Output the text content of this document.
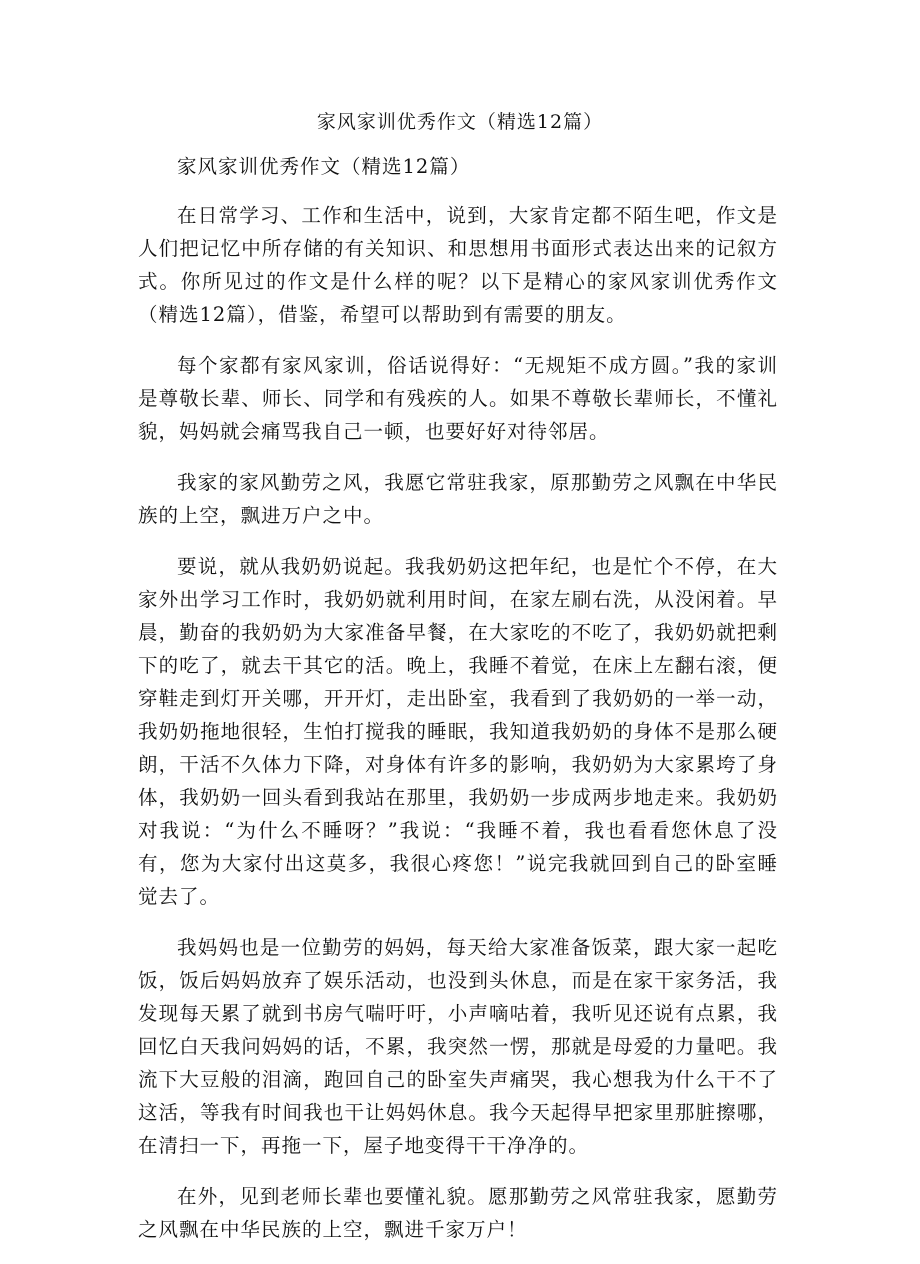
家风家训优秀作文（精选12篇）

家风家训优秀作文（精选12篇）

在日常学习、工作和生活中，说到，大家肯定都不陌生吧，作文是人们把记忆中所存储的有关知识、和思想用书面形式表达出来的记叙方式。你所见过的作文是什么样的呢？以下是精心的家风家训优秀作文（精选12篇），借鉴，希望可以帮助到有需要的朋友。

每个家都有家风家训，俗话说得好：“无规矩不成方圆。”我的家训是尊敬长辈、师长、同学和有残疾的人。如果不尊敬长辈师长，不懂礼貌，妈妈就会痛骂我自己一顿，也要好好对待邻居。

我家的家风勤劳之风，我愿它常驻我家，原那勤劳之风飘在中华民族的上空，飘进万户之中。

要说，就从我奶奶说起。我我奶奶这把年纪，也是忙个不停，在大家外出学习工作时，我奶奶就利用时间，在家左刷右洗，从没闲着。早晨，勤奋的我奶奶为大家准备早餐，在大家吃的不吃了，我奶奶就把剩下的吃了，就去干其它的活。晚上，我睡不着觉，在床上左翻右滚，便穿鞋走到灯开关哪，开开灯，走出卧室，我看到了我奶奶的一举一动，我奶奶拖地很轻，生怕打搅我的睡眠，我知道我奶奶的身体不是那么硬朗，干活不久体力下降，对身体有许多的影响，我奶奶为大家累垮了身体，我奶奶一回头看到我站在那里，我奶奶一步成两步地走来。我奶奶对我说：“为什么不睡呀？”我说：“我睡不着，我也看看您休息了没有，您为大家付出这莫多，我很心疼您！”说完我就回到自己的卧室睡觉去了。

我妈妈也是一位勤劳的妈妈，每天给大家准备饭菜，跟大家一起吃饭，饭后妈妈放弃了娱乐活动，也没到头休息，而是在家干家务活，我发现每天累了就到书房气喘吁吁，小声嘀咕着，我听见还说有点累，我回忆白天我问妈妈的话，不累，我突然一愣，那就是母爱的力量吧。我流下大豆般的泪滴，跑回自己的卧室失声痛哭，我心想我为什么干不了这活，等我有时间我也干让妈妈休息。我今天起得早把家里那脏擦哪，在清扫一下，再拖一下，屋子地变得干干净净的。

在外，见到老师长辈也要懂礼貌。愿那勤劳之风常驻我家，愿勤劳之风飘在中华民族的上空，飘进千家万户！
